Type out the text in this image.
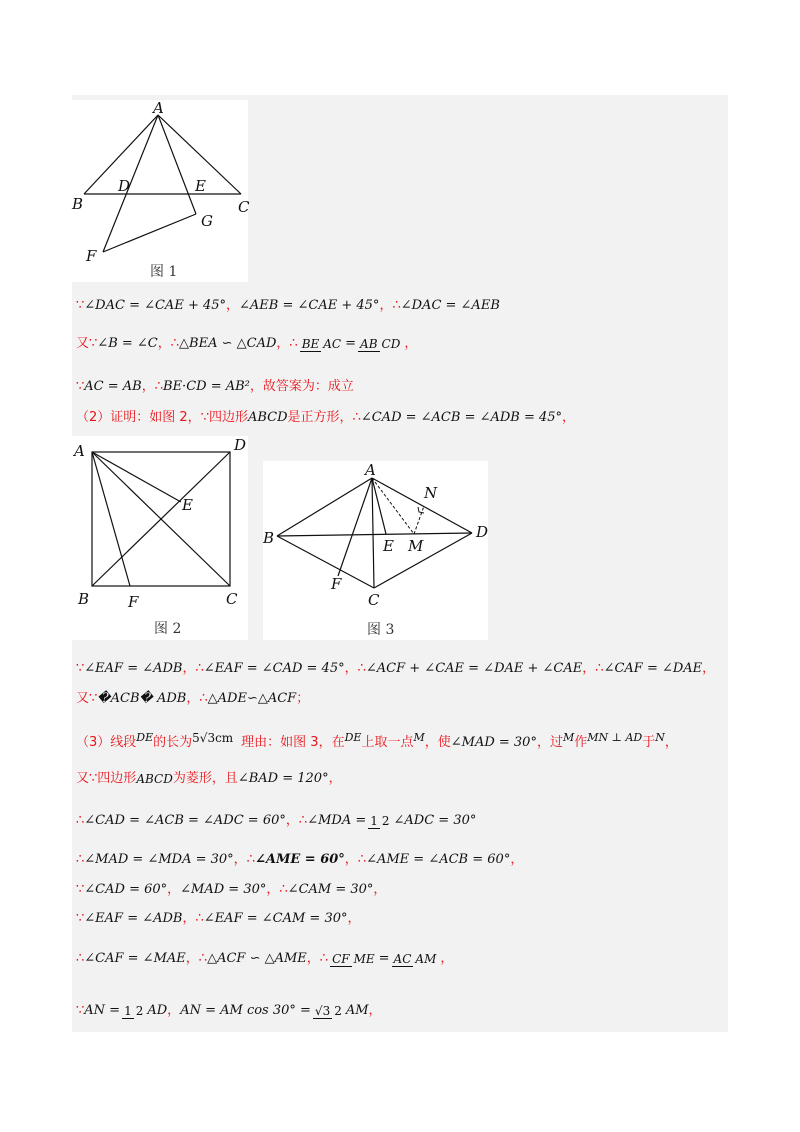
A
B	C
D	E
F
G
图 1
A	D
E
B	F	C
图 2
A
B	D
E M
N
F
C
图 3
∵ ∠DAC = ∠CAE + 45° ， ∠AEB = ∠CAE + 45° ， ∴ ∠DAC = ∠AEB
又 ∵ ∠B = ∠C ， ∴ △BEA ∽ △CAD ， ∴ BE AC = AB CD ，
∵ AC = AB ， ∴ BE·CD = AB² ， 故答案为：成立
（2）证明：如图 2， ∵ 四边形 ABCD 是正方形， ∴ ∠CAD = ∠ACB = ∠ADB = 45° ，
∵ ∠EAF = ∠ADB ， ∴ ∠EAF = ∠CAD = 45° ， ∴ ∠ACF + ∠CAE = ∠DAE + ∠CAE ， ∴ ∠CAF = ∠DAE ，
又 ∵ �ACB� ADB ， ∴ △ADE∽△ACF ；
（3）线段 DE 的长为 5√3cm 理由：如图 3，在 DE 上取一点 M ，使 ∠MAD = 30° ，过 M 作 MN ⊥ AD 于 N ，
又 ∵ 四边形 ABCD 为菱形，且 ∠BAD = 120° ，
∴ ∠CAD = ∠ACB = ∠ADC = 60° ， ∴ ∠MDA = 1 2 ∠ADC = 30°
∴ ∠MAD = ∠MDA = 30° ， ∴ ∠AME = 60° ， ∴ ∠AME = ∠ACB = 60° ，
∵ ∠CAD = 60° ， ∠MAD = 30° ， ∴ ∠CAM = 30° ，
∵ ∠EAF = ∠ADB ， ∴ ∠EAF = ∠CAM = 30° ，
∴ ∠CAF = ∠MAE ， ∴ △ACF ∽ △AME ， ∴ CF ME = AC AM ，
∵ AN = 1 2 AD ， AN = AM cos 30° = √3 2 AM ，
